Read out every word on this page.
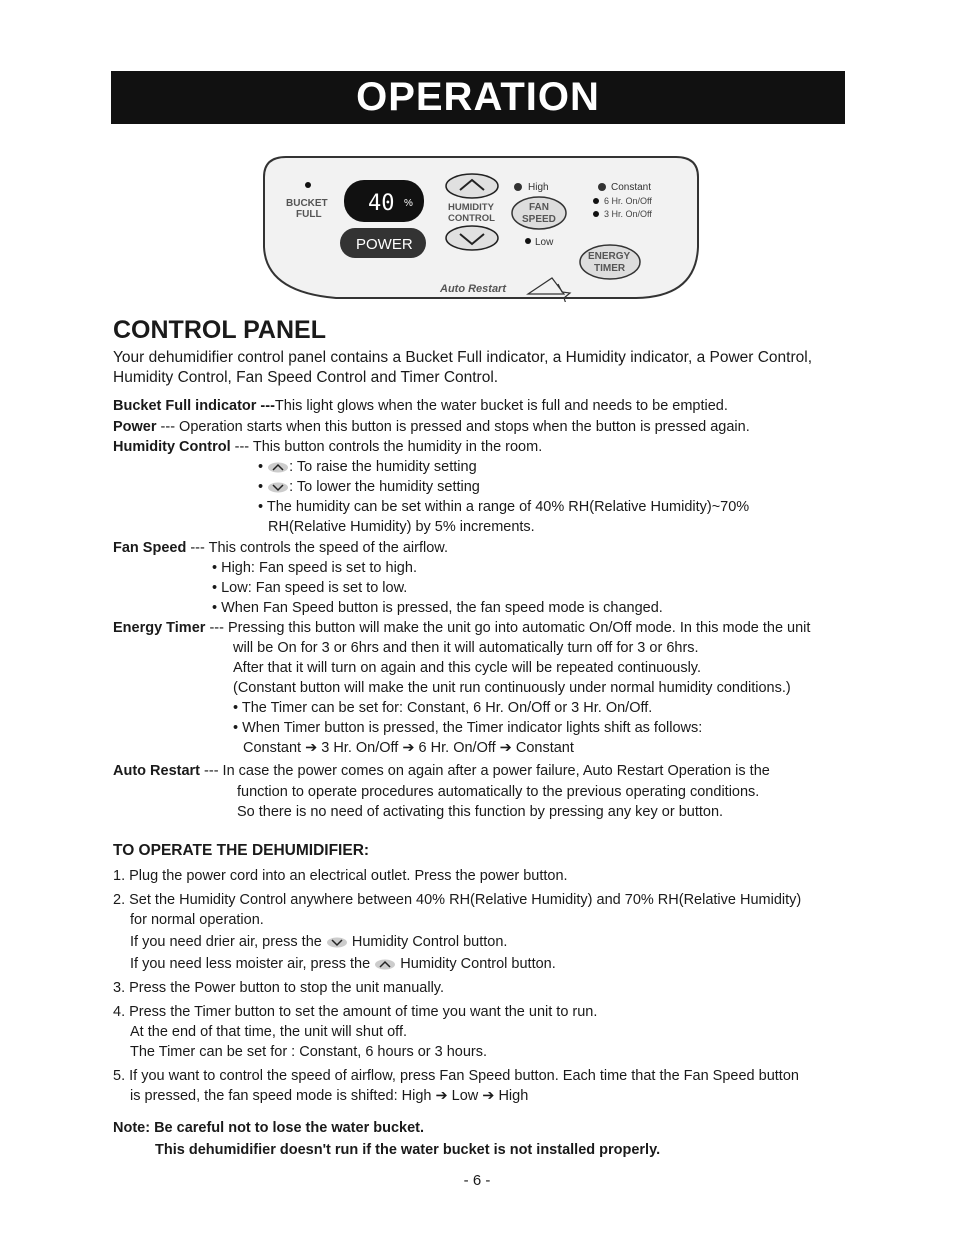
OPERATION
BUCKET
FULL 40 %
POWER
HUMIDITY
CONTROL
High
FAN
SPEED
Low
Constant
6 Hr. On/Off
3 Hr. On/Off
ENERGY
TIMER
Auto Restart
CONTROL PANEL
Your dehumidifier control panel contains a Bucket Full indicator, a Humidity indicator, a Power Control, Humidity Control, Fan Speed Control and Timer Control.
Bucket Full indicator ---This light glows when the water bucket is full and needs to be emptied.
Power --- Operation starts when this button is pressed and stops when the button is pressed again.
Humidity Control --- This button controls the humidity in the room.
• : To raise the humidity setting
• : To lower the humidity setting
• The humidity can be set within a range of 40% RH(Relative Humidity)~70%
RH(Relative Humidity) by 5% increments.
Fan Speed --- This controls the speed of the airflow.
• High: Fan speed is set to high.
• Low: Fan speed is set to low.
• When Fan Speed button is pressed, the fan speed mode is changed.
Energy Timer --- Pressing this button will make the unit go into automatic On/Off mode. In this mode the unit
will be On for 3 or 6hrs and then it will automatically turn off for 3 or 6hrs.
After that it will turn on again and this cycle will be repeated continuously.
(Constant button will make the unit run continuously under normal humidity conditions.)
• The Timer can be set for: Constant, 6 Hr. On/Off or 3 Hr. On/Off.
• When Timer button is pressed, the Timer indicator lights shift as follows:
Constant ➔ 3 Hr. On/Off ➔ 6 Hr. On/Off ➔ Constant
Auto Restart --- In case the power comes on again after a power failure, Auto Restart Operation is the
function to operate procedures automatically to the previous operating conditions.
So there is no need of activating this function by pressing any key or button.
TO OPERATE THE DEHUMIDIFIER:
1. Plug the power cord into an electrical outlet. Press the power button.
2. Set the Humidity Control anywhere between 40% RH(Relative Humidity) and 70% RH(Relative Humidity)
for normal operation.
If you need drier air, press the  Humidity Control button.
If you need less moister air, press the  Humidity Control button.
3. Press the Power button to stop the unit manually.
4. Press the Timer button to set the amount of time you want the unit to run.
At the end of that time, the unit will shut off.
The Timer can be set for : Constant, 6 hours or 3 hours.
5. If you want to control the speed of airflow, press Fan Speed button. Each time that the Fan Speed button
is pressed, the fan speed mode is shifted: High ➔ Low ➔ High
Note: Be careful not to lose the water bucket.
This dehumidifier doesn't run if the water bucket is not installed properly.
- 6 -
